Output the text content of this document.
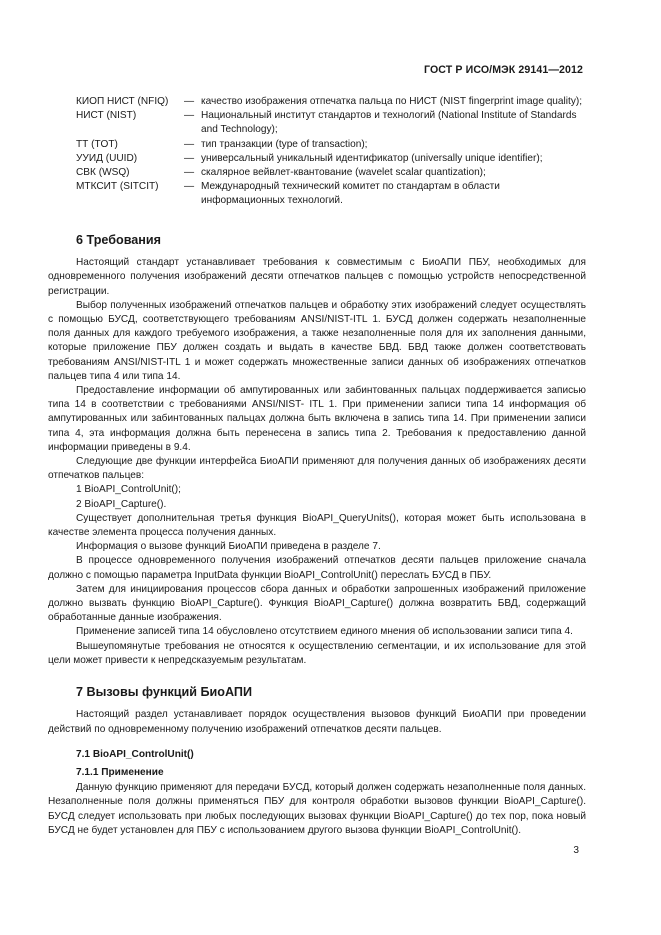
ГОСТ Р ИСО/МЭК 29141—2012
КИОП НИСТ (NFIQ)	— качество изображения отпечатка пальца по НИСТ (NIST fingerprint image quality);
НИСТ (NIST)	— Национальный институт стандартов и технологий (National Institute of Standards and Technology);
ТТ (TOT)	— тип транзакции (type of transaction);
УУИД (UUID)	— универсальный уникальный идентификатор (universally unique identifier);
СВК (WSQ)	— скалярное вейвлет-квантование (wavelet scalar quantization);
МТКСИТ (SITCIT)	— Международный технический комитет по стандартам в области информационных технологий.
6 Требования

Настоящий стандарт устанавливает требования к совместимым с БиоАПИ ПБУ, необходимых для одновременного получения изображений десяти отпечатков пальцев с помощью устройств непосредственной регистрации.

Выбор полученных изображений отпечатков пальцев и обработку этих изображений следует осуществлять с помощью БУСД, соответствующего требованиям ANSI/NIST-ITL 1. БУСД должен содержать незаполненные поля данных для каждого требуемого изображения, а также незаполненные поля для их заполнения данными, которые приложение ПБУ должен создать и выдать в качестве БВД. БВД также должен соответствовать требованиям ANSI/NIST-ITL 1 и может содержать множественные записи данных об изображениях отпечатков пальцев типа 4 или типа 14.

Предоставление информации об ампутированных или забинтованных пальцах поддерживается записью типа 14 в соответствии с требованиями ANSI/NIST- ITL 1. При применении записи типа 14 информация об ампутированных или забинтованных пальцах должна быть включена в запись типа 14. При применении записи типа 4, эта информация должна быть перенесена в запись типа 2. Требования к предоставлению данной информации приведены в 9.4.

Следующие две функции интерфейса БиоАПИ применяют для получения данных об изображениях десяти отпечатков пальцев:

1 BioAPI_ControlUnit();

2 BioAPI_Capture().

Существует дополнительная третья функция BioAPI_QueryUnits(), которая может быть использована в качестве элемента процесса получения данных.

Информация о вызове функций БиоАПИ приведена в разделе 7.

В процессе одновременного получения изображений отпечатков десяти пальцев приложение сначала должно с помощью параметра InputData функции BioAPI_ControlUnit() переслать БУСД в ПБУ.

Затем для инициирования процессов сбора данных и обработки запрошенных изображений приложение должно вызвать функцию BioAPI_Capture(). Функция BioAPI_Capture() должна возвратить БВД, содержащий обработанные данные изображения.

Применение записей типа 14 обусловлено отсутствием единого мнения об использовании записи типа 4.

Вышеупомянутые требования не относятся к осуществлению сегментации, и их использование для этой цели может привести к непредсказуемым результатам.

7 Вызовы функций БиоАПИ

Настоящий раздел устанавливает порядок осуществления вызовов функций БиоАПИ при проведении действий по одновременному получению изображений отпечатков десяти пальцев.

7.1 BioAPI_ControlUnit()
7.1.1 Применение

Данную функцию применяют для передачи БУСД, который должен содержать незаполненные поля данных. Незаполненные поля должны применяться ПБУ для контроля обработки вызовов функции BioAPI_Capture(). БУСД следует использовать при любых последующих вызовах функции BioAPI_Capture() до тех пор, пока новый БУСД не будет установлен для ПБУ с использованием другого вызова функции BioAPI_ControlUnit().

3
